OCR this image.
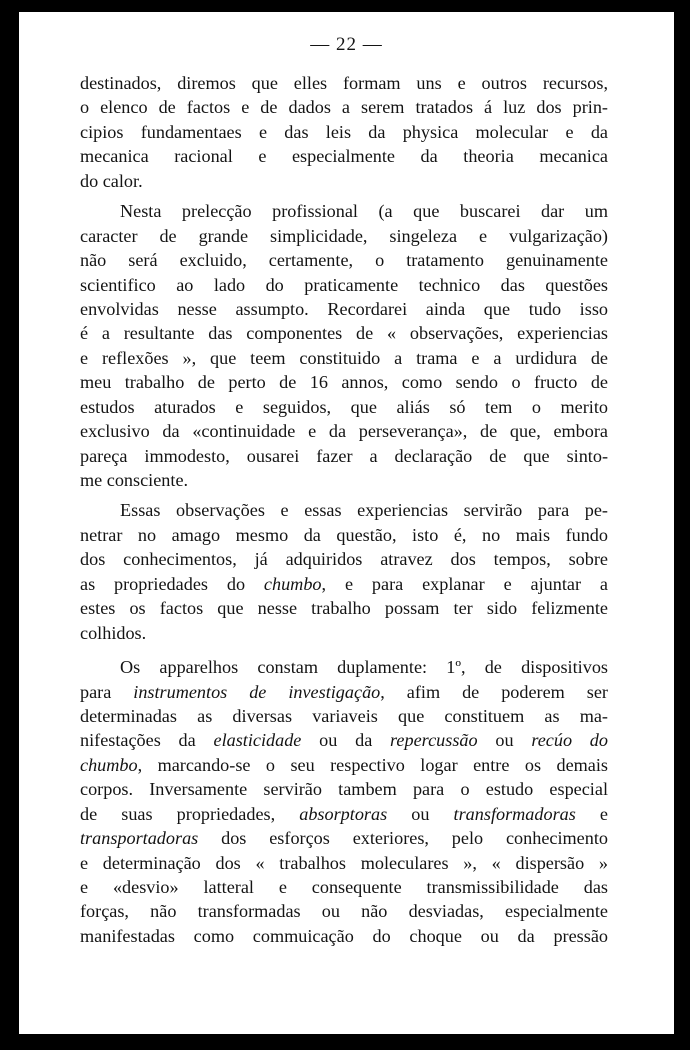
— 22 —
destinados, diremos que elles formam uns e outros recursos,
o elenco de factos e de dados a serem tratados á luz dos prin-
cipios fundamentaes e das leis da physica molecular e da
mecanica racional e especialmente da theoria mecanica
do calor.
Nesta prelecção profissional (a que buscarei dar um
caracter de grande simplicidade, singeleza e vulgarização)
não será excluido, certamente, o tratamento genuinamente
scientifico ao lado do praticamente technico das questões
envolvidas nesse assumpto. Recordarei ainda que tudo isso
é a resultante das componentes de « observações, experiencias
e reflexões », que teem constituido a trama e a urdidura de
meu trabalho de perto de 16 annos, como sendo o fructo de
estudos aturados e seguidos, que aliás só tem o merito
exclusivo da «continuidade e da perseverança», de que, embora
pareça immodesto, ousarei fazer a declaração de que sinto-
me consciente.
Essas observações e essas experiencias servirão para pe-
netrar no amago mesmo da questão, isto é, no mais fundo
dos conhecimentos, já adquiridos atravez dos tempos, sobre
as propriedades do chumbo, e para explanar e ajuntar a
estes os factos que nesse trabalho possam ter sido felizmente
colhidos.
Os apparelhos constam duplamente: 1º, de dispositivos
para instrumentos de investigação, afim de poderem ser
determinadas as diversas variaveis que constituem as ma-
nifestações da elasticidade ou da repercussão ou recúo do
chumbo, marcando-se o seu respectivo logar entre os demais
corpos. Inversamente servirão tambem para o estudo especial
de suas propriedades, absorptoras ou transformadoras e
transportadoras dos esforços exteriores, pelo conhecimento
e determinação dos « trabalhos moleculares », « dispersão »
e «desvio» latteral e consequente transmissibilidade das
forças, não transformadas ou não desviadas, especialmente
manifestadas como commuicação do choque ou da pressão
